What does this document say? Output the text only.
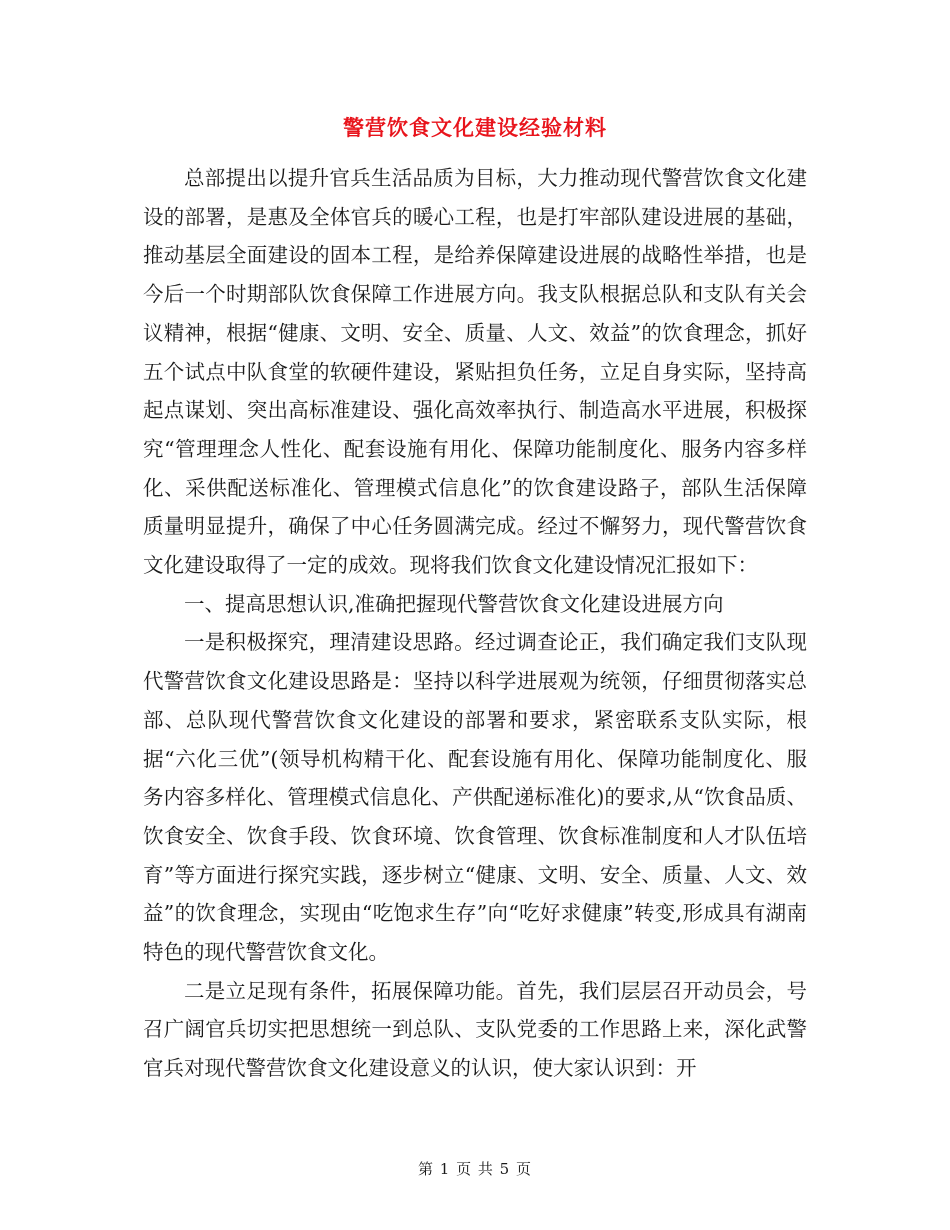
警营饮食文化建设经验材料

总部提出以提升官兵生活品质为目标，大力推动现代警营饮食文化建设的部署，是惠及全体官兵的暖心工程，也是打牢部队建设进展的基础，推动基层全面建设的固本工程，是给养保障建设进展的战略性举措，也是今后一个时期部队饮食保障工作进展方向。我支队根据总队和支队有关会议精神，根据“健康、文明、安全、质量、人文、效益”的饮食理念，抓好五个试点中队食堂的软硬件建设，紧贴担负任务，立足自身实际，坚持高起点谋划、突出高标准建设、强化高效率执行、制造高水平进展，积极探究“管理理念人性化、配套设施有用化、保障功能制度化、服务内容多样化、采供配送标准化、管理模式信息化”的饮食建设路子，部队生活保障质量明显提升，确保了中心任务圆满完成。经过不懈努力，现代警营饮食文化建设取得了一定的成效。现将我们饮食文化建设情况汇报如下：

一、提高思想认识,准确把握现代警营饮食文化建设进展方向

一是积极探究，理清建设思路。经过调查论正，我们确定我们支队现代警营饮食文化建设思路是：坚持以科学进展观为统领，仔细贯彻落实总部、总队现代警营饮食文化建设的部署和要求，紧密联系支队实际，根据“六化三优”(领导机构精干化、配套设施有用化、保障功能制度化、服务内容多样化、管理模式信息化、产供配递标准化)的要求,从“饮食品质、饮食安全、饮食手段、饮食环境、饮食管理、饮食标准制度和人才队伍培育”等方面进行探究实践，逐步树立“健康、文明、安全、质量、人文、效益”的饮食理念，实现由“吃饱求生存”向“吃好求健康”转变,形成具有湖南特色的现代警营饮食文化。

二是立足现有条件，拓展保障功能。首先，我们层层召开动员会，号召广阔官兵切实把思想统一到总队、支队党委的工作思路上来，深化武警官兵对现代警营饮食文化建设意义的认识，使大家认识到：开

第 1 页 共 5 页
